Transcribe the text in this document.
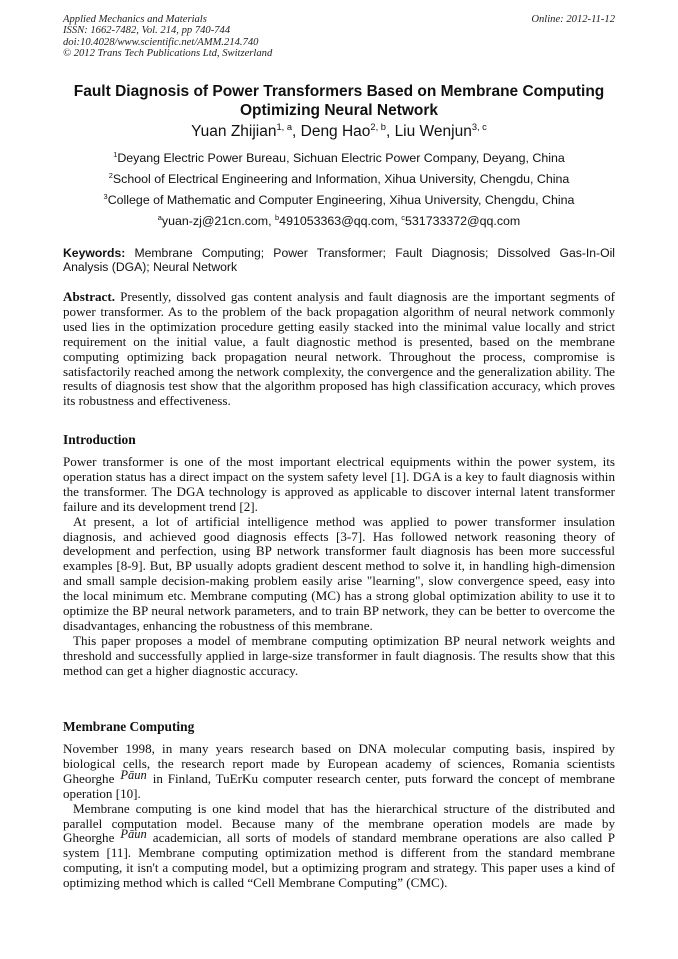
Applied Mechanics and Materials
ISSN: 1662-7482, Vol. 214, pp 740-744
doi:10.4028/www.scientific.net/AMM.214.740
© 2012 Trans Tech Publications Ltd, Switzerland
Online: 2012-11-12
Fault Diagnosis of Power Transformers Based on Membrane Computing
Optimizing Neural Network
Yuan Zhijian$^{1, a}$, Deng Hao$^{2, b}$, Liu Wenjun$^{3, c}$
$^1$Deyang Electric Power Bureau, Sichuan Electric Power Company, Deyang, China
$^2$School of Electrical Engineering and Information, Xihua University, Chengdu, China
$^3$College of Mathematic and Computer Engineering, Xihua University, Chengdu, China
$^a$yuan-zj@21cn.com, $^b$491053363@qq.com, $^c$531733372@qq.com
Keywords: Membrane Computing; Power Transformer; Fault Diagnosis; Dissolved Gas-In-Oil Analysis (DGA); Neural Network

Abstract. Presently, dissolved gas content analysis and fault diagnosis are the important segments of power transformer. As to the problem of the back propagation algorithm of neural network commonly used lies in the optimization procedure getting easily stacked into the minimal value locally and strict requirement on the initial value, a fault diagnostic method is presented, based on the membrane computing optimizing back propagation neural network. Throughout the process, compromise is satisfactorily reached among the network complexity, the convergence and the generalization ability. The results of diagnosis test show that the algorithm proposed has high classification accuracy, which proves its robustness and effectiveness.

Introduction

Power transformer is one of the most important electrical equipments within the power system, its operation status has a direct impact on the system safety level [1]. DGA is a key to fault diagnosis within the transformer. The DGA technology is approved as applicable to discover internal latent transformer failure and its development trend [2].

At present, a lot of artificial intelligence method was applied to power transformer insulation diagnosis, and achieved good diagnosis effects [3-7]. Has followed network reasoning theory of development and perfection, using BP network transformer fault diagnosis has been more successful examples [8-9]. But, BP usually adopts gradient descent method to solve it, in handling high-dimension and small sample decision-making problem easily arise "learning", slow convergence speed, easy into the local minimum etc. Membrane computing (MC) has a strong global optimization ability to use it to optimize the BP neural network parameters, and to train BP network, they can be better to overcome the disadvantages, enhancing the robustness of this membrane.

This paper proposes a model of membrane computing optimization BP neural network weights and threshold and successfully applied in large-size transformer in fault diagnosis. The results show that this method can get a higher diagnostic accuracy.

Membrane Computing

November 1998, in many years research based on DNA molecular computing basis, inspired by biological cells, the research report made by European academy of sciences, Romania scientists Gheorghe Pāun in Finland, TuErKu computer research center, puts forward the concept of membrane operation [10].

Membrane computing is one kind model that has the hierarchical structure of the distributed and parallel computation model. Because many of the membrane operation models are made by Gheorghe Pāun academician, all sorts of models of standard membrane operations are also called P system [11]. Membrane computing optimization method is different from the standard membrane computing, it isn't a computing model, but a optimizing program and strategy. This paper uses a kind of optimizing method which is called “Cell Membrane Computing” (CMC).
